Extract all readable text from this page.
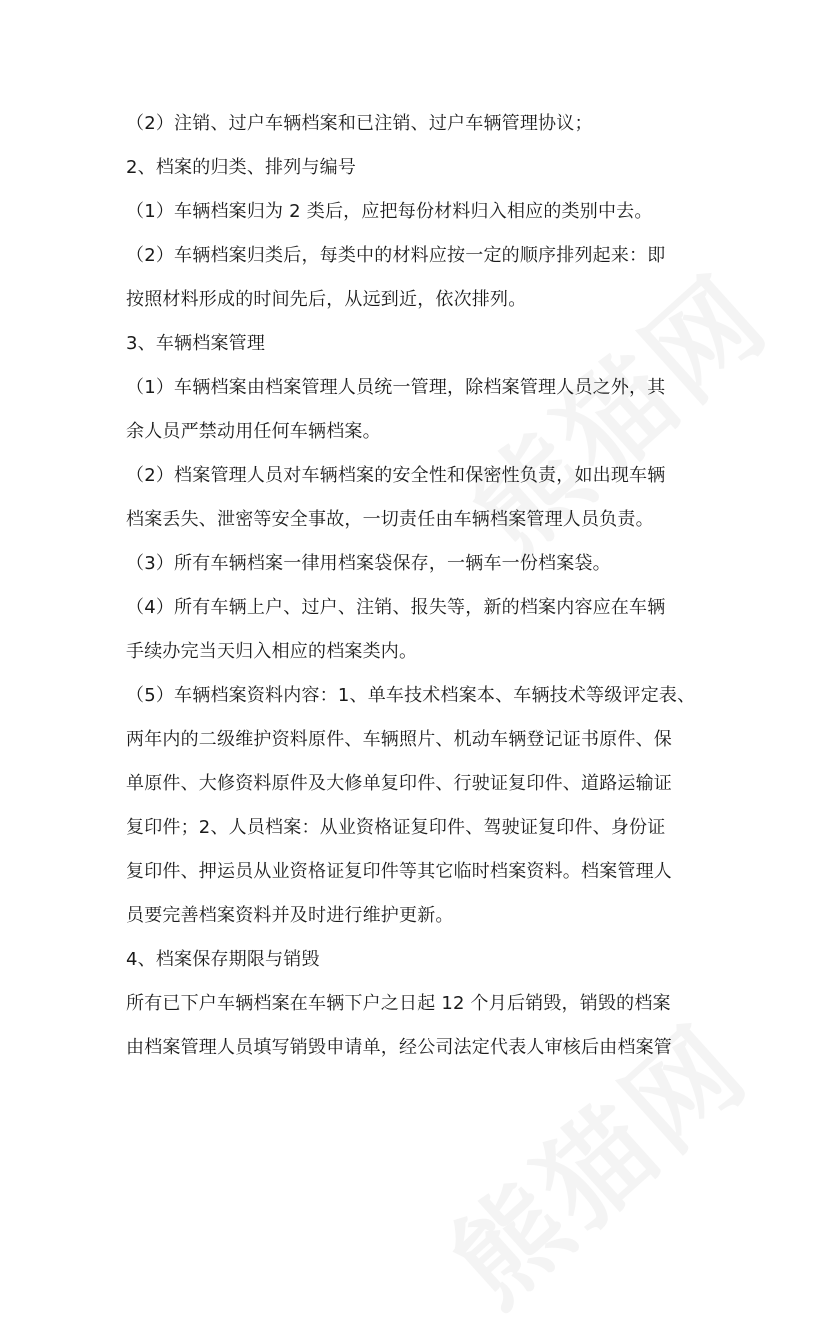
（2）注销、过户车辆档案和已注销、过户车辆管理协议；
2、档案的归类、排列与编号
（1）车辆档案归为 2 类后，应把每份材料归入相应的类别中去。
（2）车辆档案归类后，每类中的材料应按一定的顺序排列起来：即
按照材料形成的时间先后，从远到近，依次排列。
3、车辆档案管理
（1）车辆档案由档案管理人员统一管理，除档案管理人员之外，其
余人员严禁动用任何车辆档案。
（2）档案管理人员对车辆档案的安全性和保密性负责，如出现车辆
档案丢失、泄密等安全事故，一切责任由车辆档案管理人员负责。
（3）所有车辆档案一律用档案袋保存，一辆车一份档案袋。
（4）所有车辆上户、过户、注销、报失等，新的档案内容应在车辆
手续办完当天归入相应的档案类内。
（5）车辆档案资料内容：1、单车技术档案本、车辆技术等级评定表、
两年内的二级维护资料原件、车辆照片、机动车辆登记证书原件、保
单原件、大修资料原件及大修单复印件、行驶证复印件、道路运输证
复印件；2、人员档案：从业资格证复印件、驾驶证复印件、身份证
复印件、押运员从业资格证复印件等其它临时档案资料。档案管理人
员要完善档案资料并及时进行维护更新。
4、档案保存期限与销毁
所有已下户车辆档案在车辆下户之日起 12 个月后销毁，销毁的档案
由档案管理人员填写销毁申请单，经公司法定代表人审核后由档案管
